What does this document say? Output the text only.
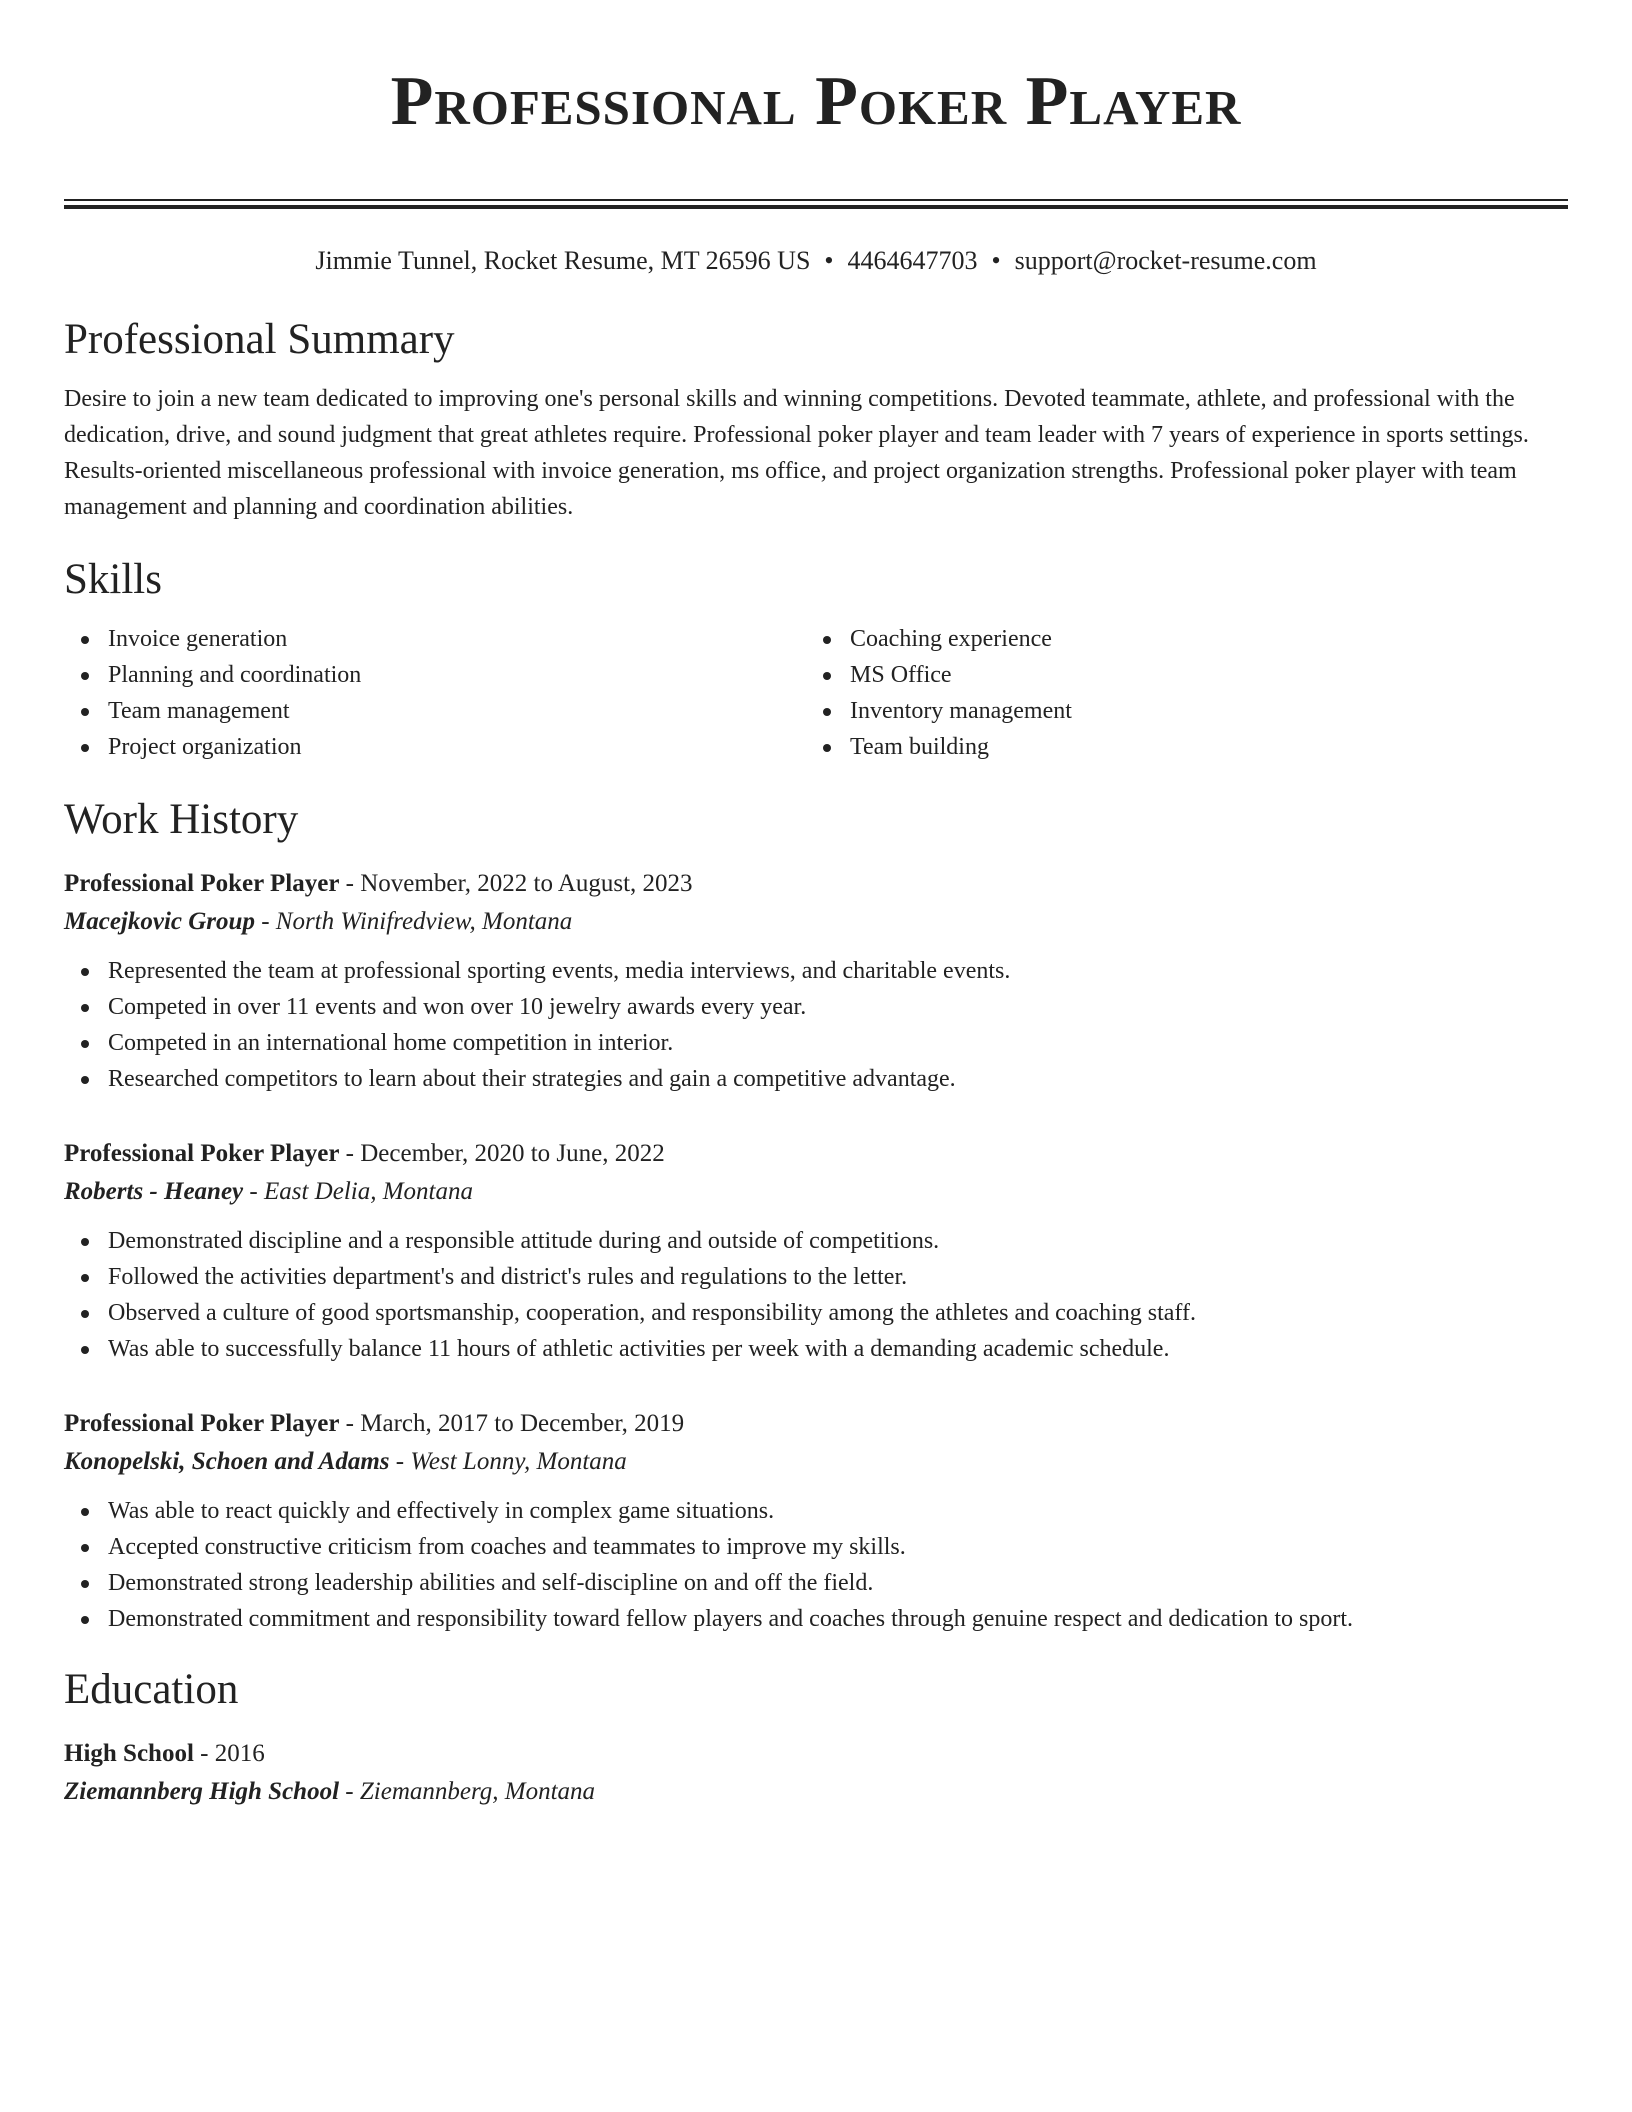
Professional Poker Player
Jimmie Tunnel, Rocket Resume, MT 26596 US • 4464647703 • support@rocket-resume.com
Professional Summary

Desire to join a new team dedicated to improving one's personal skills and winning competitions. Devoted teammate, athlete, and professional with the dedication, drive, and sound judgment that great athletes require. Professional poker player and team leader with 7 years of experience in sports settings. Results-oriented miscellaneous professional with invoice generation, ms office, and project organization strengths. Professional poker player with team management and planning and coordination abilities.

Skills
Invoice generation
Planning and coordination
Team management
Project organization
Coaching experience
MS Office
Inventory management
Team building
Work History
Professional Poker Player - November, 2022 to August, 2023
Macejkovic Group - North Winifredview, Montana
Represented the team at professional sporting events, media interviews, and charitable events.
Competed in over 11 events and won over 10 jewelry awards every year.
Competed in an international home competition in interior.
Researched competitors to learn about their strategies and gain a competitive advantage.
Professional Poker Player - December, 2020 to June, 2022
Roberts - Heaney - East Delia, Montana
Demonstrated discipline and a responsible attitude during and outside of competitions.
Followed the activities department's and district's rules and regulations to the letter.
Observed a culture of good sportsmanship, cooperation, and responsibility among the athletes and coaching staff.
Was able to successfully balance 11 hours of athletic activities per week with a demanding academic schedule.
Professional Poker Player - March, 2017 to December, 2019
Konopelski, Schoen and Adams - West Lonny, Montana
Was able to react quickly and effectively in complex game situations.
Accepted constructive criticism from coaches and teammates to improve my skills.
Demonstrated strong leadership abilities and self-discipline on and off the field.
Demonstrated commitment and responsibility toward fellow players and coaches through genuine respect and dedication to sport.
Education
High School - 2016
Ziemannberg High School - Ziemannberg, Montana
